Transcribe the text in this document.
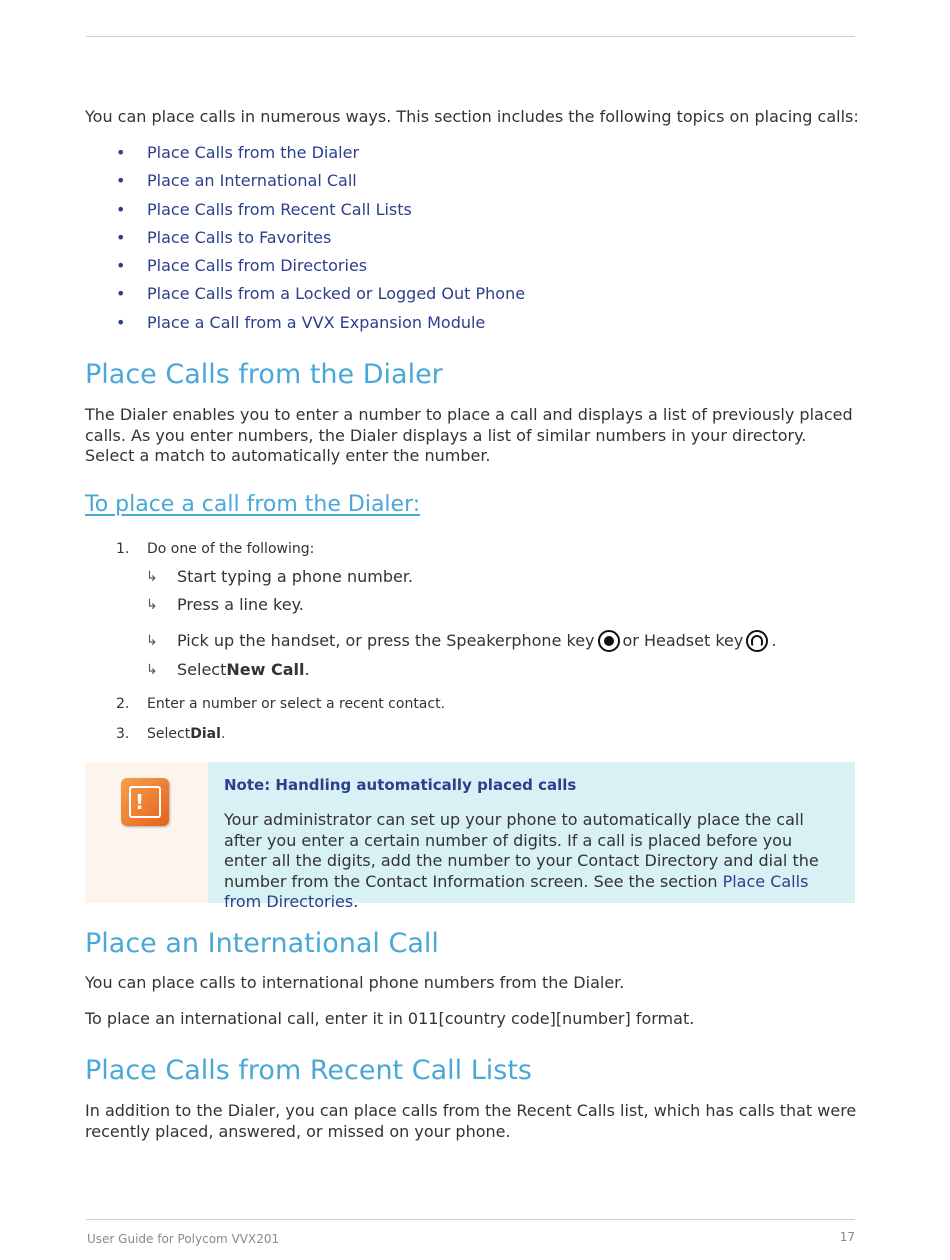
You can place calls in numerous ways. This section includes the following topics on placing calls:
•	Place Calls from the Dialer
•	Place an International Call
•	Place Calls from Recent Call Lists
•	Place Calls to Favorites
•	Place Calls from Directories
•	Place Calls from a Locked or Logged Out Phone
•	Place a Call from a VVX Expansion Module
Place Calls from the Dialer
The Dialer enables you to enter a number to place a call and displays a list of previously placed calls. As you enter numbers, the Dialer displays a list of similar numbers in your directory. Select a match to automatically enter the number.
To place a call from the Dialer:
1.	Do one of the following:
↳	Start typing a phone number.
↳	Press a line key.
↳	Pick up the handset, or press the Speakerphone key or Headset key .
↳	Select New Call .
2.	Enter a number or select a recent contact.
3.	Select Dial .
!

Note: Handling automatically placed calls

Your administrator can set up your phone to automatically place the call after you enter a certain number of digits. If a call is placed before you enter all the digits, add the number to your Contact Directory and dial the number from the Contact Information screen. See the section Place Calls from Directories.

Place an International Call
You can place calls to international phone numbers from the Dialer.
To place an international call, enter it in 011[country code][number] format.
Place Calls from Recent Call Lists
In addition to the Dialer, you can place calls from the Recent Calls list, which has calls that were recently placed, answered, or missed on your phone.
User Guide for Polycom VVX201	17
